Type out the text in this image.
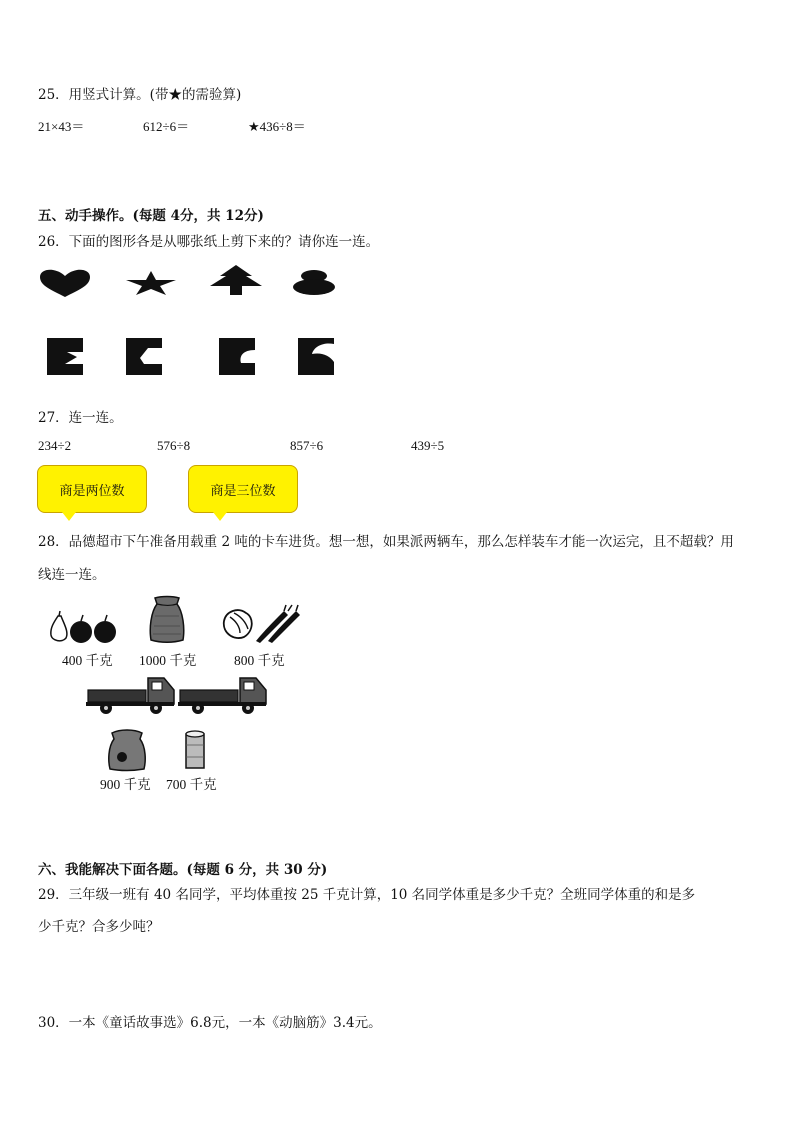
25．用竖式计算。(带★的需验算)
21×43＝	612÷6＝	★436÷8＝
五、动手操作。(每题 4分，共 12分)
26．下面的图形各是从哪张纸上剪下来的？请你连一连。
27．连一连。
234÷2	576÷8	857÷6	439÷5
商是两位数	商是三位数
28．品德超市下午准备用载重 2 吨的卡车进货。想一想，如果派两辆车，那么怎样装车才能一次运完，且不超载？用
线连一连。
400 千克 1000 千克	800 千克
900 千克 700 千克
六、我能解决下面各题。(每题 6 分，共 30 分)
29．三年级一班有 40 名同学，平均体重按 25 千克计算，10 名同学体重是多少千克？全班同学体重的和是多
少千克？合多少吨？
30．一本《童话故事选》6.8元，一本《动脑筋》3.4元。
